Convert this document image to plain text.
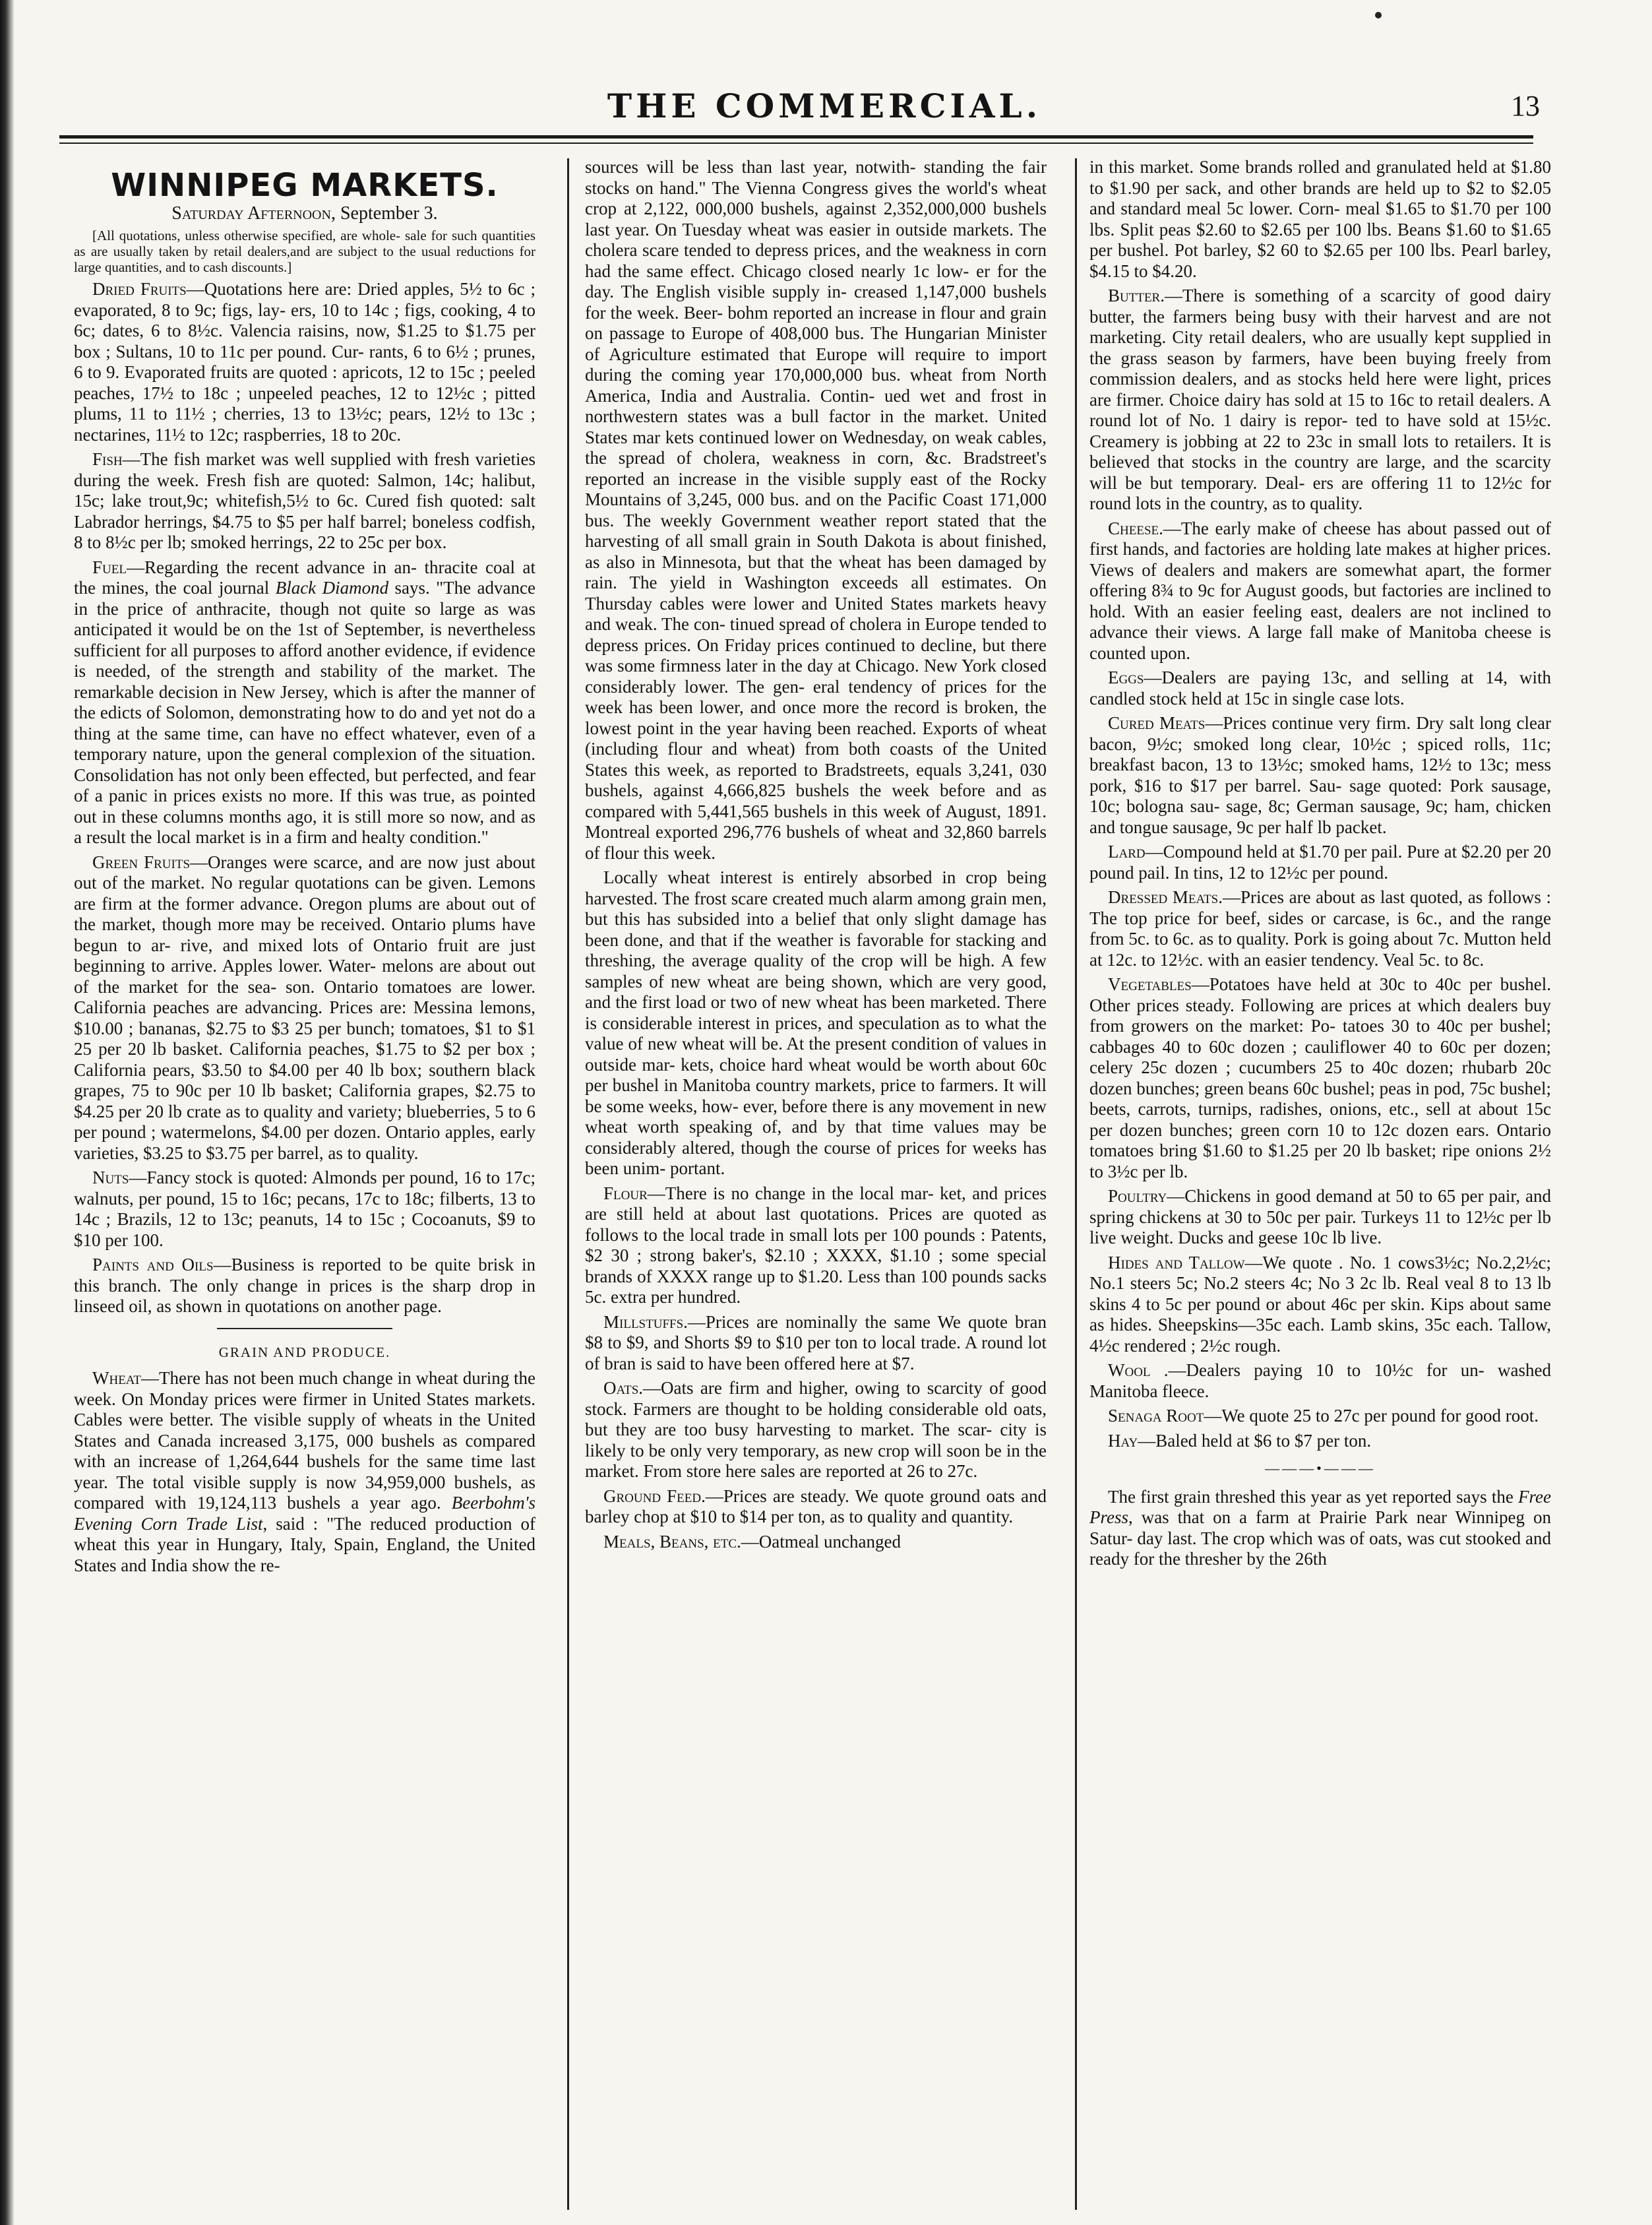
THE COMMERCIAL.	13
WINNIPEG MARKETS.
Saturday Afternoon, September 3.

[All quotations, unless otherwise specified, are whole- sale for such quantities as are usually taken by retail dealers,and are subject to the usual reductions for large quantities, and to cash discounts.]

Dried Fruits—Quotations here are: Dried apples, 5½ to 6c ; evaporated, 8 to 9c; figs, lay- ers, 10 to 14c ; figs, cooking, 4 to 6c; dates, 6 to 8½c. Valencia raisins, now, $1.25 to $1.75 per box ; Sultans, 10 to 11c per pound. Cur- rants, 6 to 6½ ; prunes, 6 to 9. Evaporated fruits are quoted : apricots, 12 to 15c ; peeled peaches, 17½ to 18c ; unpeeled peaches, 12 to 12½c ; pitted plums, 11 to 11½ ; cherries, 13 to 13½c; pears, 12½ to 13c ; nectarines, 11½ to 12c; raspberries, 18 to 20c.

Fish—The fish market was well supplied with fresh varieties during the week. Fresh fish are quoted: Salmon, 14c; halibut, 15c; lake trout,9c; whitefish,5½ to 6c. Cured fish quoted: salt Labrador herrings, $4.75 to $5 per half barrel; boneless codfish, 8 to 8½c per lb; smoked herrings, 22 to 25c per box.

Fuel—Regarding the recent advance in an- thracite coal at the mines, the coal journal Black Diamond says. "The advance in the price of anthracite, though not quite so large as was anticipated it would be on the 1st of September, is nevertheless sufficient for all purposes to afford another evidence, if evidence is needed, of the strength and stability of the market. The remarkable decision in New Jersey, which is after the manner of the edicts of Solomon, demonstrating how to do and yet not do a thing at the same time, can have no effect whatever, even of a temporary nature, upon the general complexion of the situation. Consolidation has not only been effected, but perfected, and fear of a panic in prices exists no more. If this was true, as pointed out in these columns months ago, it is still more so now, and as a result the local market is in a firm and healty condition."

Green Fruits—Oranges were scarce, and are now just about out of the market. No regular quotations can be given. Lemons are firm at the former advance. Oregon plums are about out of the market, though more may be received. Ontario plums have begun to ar- rive, and mixed lots of Ontario fruit are just beginning to arrive. Apples lower. Water- melons are about out of the market for the sea- son. Ontario tomatoes are lower. California peaches are advancing. Prices are: Messina lemons, $10.00 ; bananas, $2.75 to $3 25 per bunch; tomatoes, $1 to $1 25 per 20 lb basket. California peaches, $1.75 to $2 per box ; California pears, $3.50 to $4.00 per 40 lb box; southern black grapes, 75 to 90c per 10 lb basket; California grapes, $2.75 to $4.25 per 20 lb crate as to quality and variety; blueberries, 5 to 6 per pound ; watermelons, $4.00 per dozen. Ontario apples, early varieties, $3.25 to $3.75 per barrel, as to quality.

Nuts—Fancy stock is quoted: Almonds per pound, 16 to 17c; walnuts, per pound, 15 to 16c; pecans, 17c to 18c; filberts, 13 to 14c ; Brazils, 12 to 13c; peanuts, 14 to 15c ; Cocoanuts, $9 to $10 per 100.

Paints and Oils—Business is reported to be quite brisk in this branch. The only change in prices is the sharp drop in linseed oil, as shown in quotations on another page.

GRAIN AND PRODUCE.

Wheat—There has not been much change in wheat during the week. On Monday prices were firmer in United States markets. Cables were better. The visible supply of wheats in the United States and Canada increased 3,175, 000 bushels as compared with an increase of 1,264,644 bushels for the same time last year. The total visible supply is now 34,959,000 bushels, as compared with 19,124,113 bushels a year ago. Beerbohm's Evening Corn Trade List, said : "The reduced production of wheat this year in Hungary, Italy, Spain, England, the United States and India show the re-

sources will be less than last year, notwith- standing the fair stocks on hand." The Vienna Congress gives the world's wheat crop at 2,122, 000,000 bushels, against 2,352,000,000 bushels last year. On Tuesday wheat was easier in outside markets. The cholera scare tended to depress prices, and the weakness in corn had the same effect. Chicago closed nearly 1c low- er for the day. The English visible supply in- creased 1,147,000 bushels for the week. Beer- bohm reported an increase in flour and grain on passage to Europe of 408,000 bus. The Hungarian Minister of Agriculture estimated that Europe will require to import during the coming year 170,000,000 bus. wheat from North America, India and Australia. Contin- ued wet and frost in northwestern states was a bull factor in the market. United States mar kets continued lower on Wednesday, on weak cables, the spread of cholera, weakness in corn, &c. Bradstreet's reported an increase in the visible supply east of the Rocky Mountains of 3,245, 000 bus. and on the Pacific Coast 171,000 bus. The weekly Government weather report stated that the harvesting of all small grain in South Dakota is about finished, as also in Minnesota, but that the wheat has been damaged by rain. The yield in Washington exceeds all estimates. On Thursday cables were lower and United States markets heavy and weak. The con- tinued spread of cholera in Europe tended to depress prices. On Friday prices continued to decline, but there was some firmness later in the day at Chicago. New York closed considerably lower. The gen- eral tendency of prices for the week has been lower, and once more the record is broken, the lowest point in the year having been reached. Exports of wheat (including flour and wheat) from both coasts of the United States this week, as reported to Bradstreets, equals 3,241, 030 bushels, against 4,666,825 bushels the week before and as compared with 5,441,565 bushels in this week of August, 1891. Montreal exported 296,776 bushels of wheat and 32,860 barrels of flour this week.

Locally wheat interest is entirely absorbed in crop being harvested. The frost scare created much alarm among grain men, but this has subsided into a belief that only slight damage has been done, and that if the weather is favorable for stacking and threshing, the average quality of the crop will be high. A few samples of new wheat are being shown, which are very good, and the first load or two of new wheat has been marketed. There is considerable interest in prices, and speculation as to what the value of new wheat will be. At the present condition of values in outside mar- kets, choice hard wheat would be worth about 60c per bushel in Manitoba country markets, price to farmers. It will be some weeks, how- ever, before there is any movement in new wheat worth speaking of, and by that time values may be considerably altered, though the course of prices for weeks has been unim- portant.

Flour—There is no change in the local mar- ket, and prices are still held at about last quotations. Prices are quoted as follows to the local trade in small lots per 100 pounds : Patents, $2 30 ; strong baker's, $2.10 ; XXXX, $1.10 ; some special brands of XXXX range up to $1.20. Less than 100 pounds sacks 5c. extra per hundred.

Millstuffs.—Prices are nominally the same We quote bran $8 to $9, and Shorts $9 to $10 per ton to local trade. A round lot of bran is said to have been offered here at $7.

Oats.—Oats are firm and higher, owing to scarcity of good stock. Farmers are thought to be holding considerable old oats, but they are too busy harvesting to market. The scar- city is likely to be only very temporary, as new crop will soon be in the market. From store here sales are reported at 26 to 27c.

Ground Feed.—Prices are steady. We quote ground oats and barley chop at $10 to $14 per ton, as to quality and quantity.

Meals, Beans, etc.—Oatmeal unchanged

in this market. Some brands rolled and granulated held at $1.80 to $1.90 per sack, and other brands are held up to $2 to $2.05 and standard meal 5c lower. Corn- meal $1.65 to $1.70 per 100 lbs. Split peas $2.60 to $2.65 per 100 lbs. Beans $1.60 to $1.65 per bushel. Pot barley, $2 60 to $2.65 per 100 lbs. Pearl barley, $4.15 to $4.20.

Butter.—There is something of a scarcity of good dairy butter, the farmers being busy with their harvest and are not marketing. City retail dealers, who are usually kept supplied in the grass season by farmers, have been buying freely from commission dealers, and as stocks held here were light, prices are firmer. Choice dairy has sold at 15 to 16c to retail dealers. A round lot of No. 1 dairy is repor- ted to have sold at 15½c. Creamery is jobbing at 22 to 23c in small lots to retailers. It is believed that stocks in the country are large, and the scarcity will be but temporary. Deal- ers are offering 11 to 12½c for round lots in the country, as to quality.

Cheese.—The early make of cheese has about passed out of first hands, and factories are holding late makes at higher prices. Views of dealers and makers are somewhat apart, the former offering 8¾ to 9c for August goods, but factories are inclined to hold. With an easier feeling east, dealers are not inclined to advance their views. A large fall make of Manitoba cheese is counted upon.

Eggs—Dealers are paying 13c, and selling at 14, with candled stock held at 15c in single case lots.

Cured Meats—Prices continue very firm. Dry salt long clear bacon, 9½c; smoked long clear, 10½c ; spiced rolls, 11c; breakfast bacon, 13 to 13½c; smoked hams, 12½ to 13c; mess pork, $16 to $17 per barrel. Sau- sage quoted: Pork sausage, 10c; bologna sau- sage, 8c; German sausage, 9c; ham, chicken and tongue sausage, 9c per half lb packet.

Lard—Compound held at $1.70 per pail. Pure at $2.20 per 20 pound pail. In tins, 12 to 12½c per pound.

Dressed Meats.—Prices are about as last quoted, as follows : The top price for beef, sides or carcase, is 6c., and the range from 5c. to 6c. as to quality. Pork is going about 7c. Mutton held at 12c. to 12½c. with an easier tendency. Veal 5c. to 8c.

Vegetables—Potatoes have held at 30c to 40c per bushel. Other prices steady. Following are prices at which dealers buy from growers on the market: Po- tatoes 30 to 40c per bushel; cabbages 40 to 60c dozen ; cauliflower 40 to 60c per dozen; celery 25c dozen ; cucumbers 25 to 40c dozen; rhubarb 20c dozen bunches; green beans 60c bushel; peas in pod, 75c bushel; beets, carrots, turnips, radishes, onions, etc., sell at about 15c per dozen bunches; green corn 10 to 12c dozen ears. Ontario tomatoes bring $1.60 to $1.25 per 20 lb basket; ripe onions 2½ to 3½c per lb.

Poultry—Chickens in good demand at 50 to 65 per pair, and spring chickens at 30 to 50c per pair. Turkeys 11 to 12½c per lb live weight. Ducks and geese 10c lb live.

Hides and Tallow—We quote . No. 1 cows3½c; No.2,2½c; No.1 steers 5c; No.2 steers 4c; No 3 2c lb. Real veal 8 to 13 lb skins 4 to 5c per pound or about 46c per skin. Kips about same as hides. Sheepskins—35c each. Lamb skins, 35c each. Tallow, 4½c rendered ; 2½c rough.

Wool .—Dealers paying 10 to 10½c for un- washed Manitoba fleece.

Senaga Root—We quote 25 to 27c per pound for good root.

Hay—Baled held at $6 to $7 per ton.

———•———

The first grain threshed this year as yet reported says the Free Press, was that on a farm at Prairie Park near Winnipeg on Satur- day last. The crop which was of oats, was cut stooked and ready for the thresher by the 26th
